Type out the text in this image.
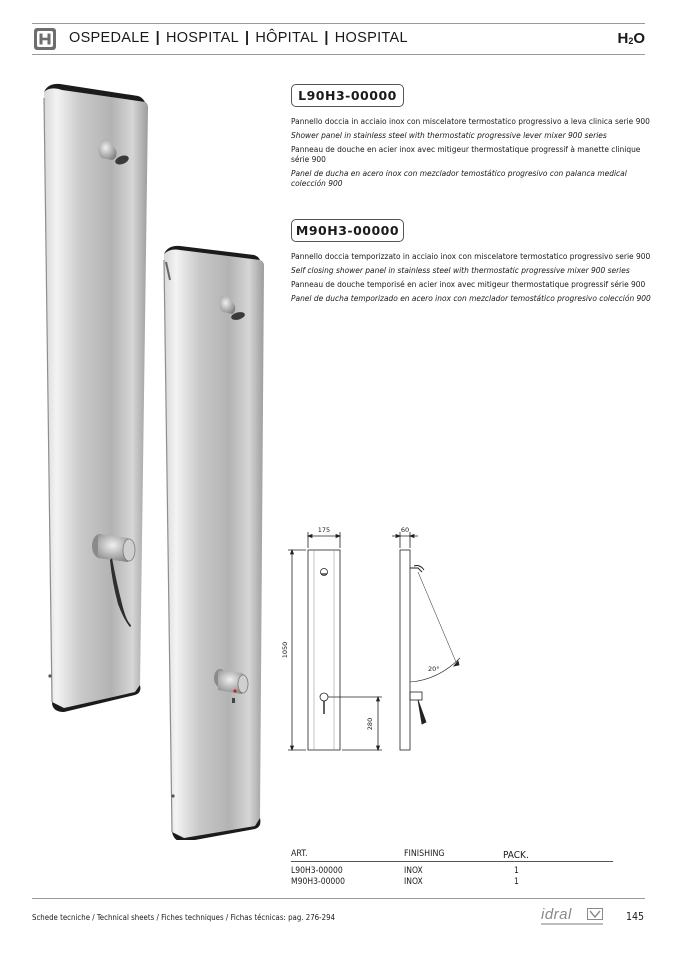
OSPEDALE | HOSPITAL | HÔPITAL | HOSPITAL	$H_2O$
L90H3-00000

Pannello doccia in acciaio inox con miscelatore termostatico progressivo a leva clinica serie 900

Shower panel in stainless steel with thermostatic progressive lever mixer 900 series

Panneau de douche en acier inox avec mitigeur thermostatique progressif à manette clinique série 900

Panel de ducha en acero inox con mezclador temostático progresivo con palanca medical colección 900

M90H3-00000

Pannello doccia temporizzato in acciaio inox con miscelatore termostatico progressivo serie 900

Self closing shower panel in stainless steel with thermostatic progressive mixer 900 series

Panneau de douche temporisé en acier inox avec mitigeur thermostatique progressif série 900

Panel de ducha temporizado en acero inox con mezclador temostático progresivo colección 900

175	60
1050
280
20°
ART.	FINISHING	PACK.
L90H3-00000	INOX	1
M90H3-00000	INOX	1
Schede tecniche / Technical sheets / Fiches techniques / Fichas técnicas: pag. 276-294	idral	145
